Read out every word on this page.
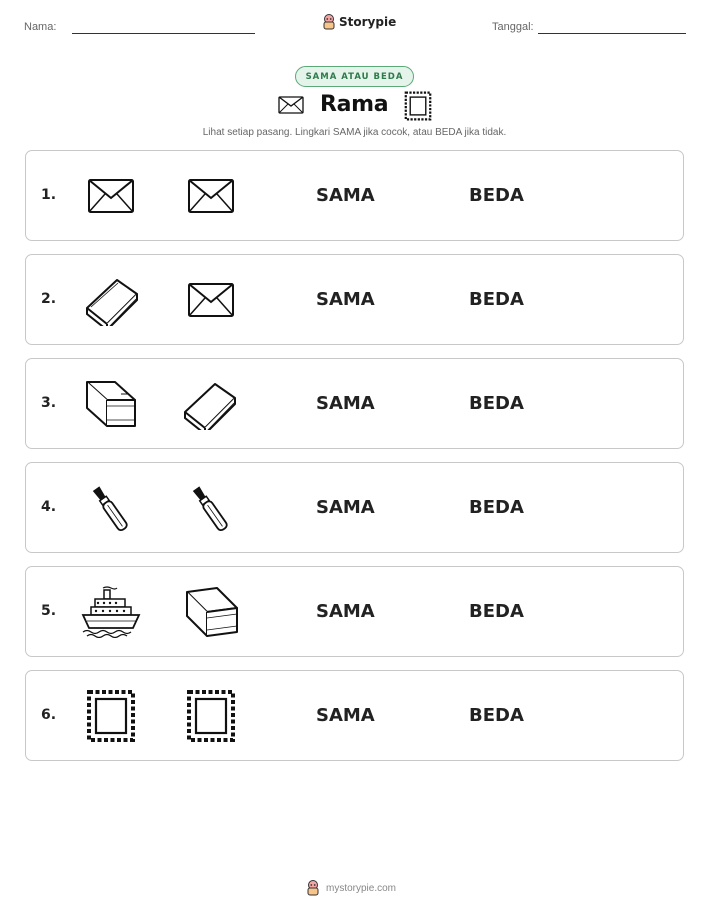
Nama:	Storypie	Tanggal:
SAMA ATAU BEDA
Rama
Lihat setiap pasang. Lingkari SAMA jika cocok, atau BEDA jika tidak.
1.	SAMA	BEDA
2.	SAMA	BEDA
3.	SAMA	BEDA
4.	SAMA	BEDA
5.	SAMA	BEDA
6.	SAMA	BEDA
mystorypie.com
